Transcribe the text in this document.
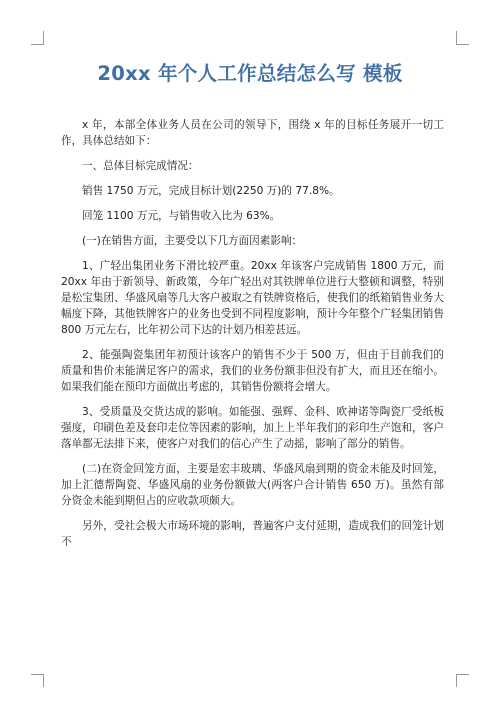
20xx 年个人工作总结怎么写 模板

x 年，本部全体业务人员在公司的领导下，围绕 x 年的目标任务展开一切工作，具体总结如下：

一、总体目标完成情况：

销售 1750 万元，完成目标计划(2250 万)的 77.8%。

回笼 1100 万元，与销售收入比为 63%。

(一)在销售方面，主要受以下几方面因素影响：

1、广轻出集团业务下滑比较严重。20xx 年该客户完成销售 1800 万元，而 20xx 年由于新领导、新政策，今年广轻出对其铁牌单位进行大整顿和调整，特别是松宝集团、华盛风扇等几大客户被取之有铁牌资格后，使我们的纸箱销售业务大幅度下降，其他铁牌客户的业务也受到不同程度影响，预计今年整个广轻集团销售 800 万元左右，比年初公司下达的计划乃相差甚远。

2、能强陶瓷集团年初预计该客户的销售不少于 500 万，但由于目前我们的质量和售价未能满足客户的需求，我们的业务份额非但没有扩大，而且还在缩小。如果我们能在预印方面做出考虑的，其销售份额将会增大。

3、受质量及交货达成的影响。如能强、强辉、金科、欧神诺等陶瓷厂受纸板强度，印刷色差及套印走位等因素的影响，加上上半年我们的彩印生产饱和，客户落单都无法排下来，使客户对我们的信心产生了动摇，影响了部分的销售。

(二)在资金回笼方面，主要是宏丰玻璃、华盛风扇到期的资金未能及时回笼，加上汇德帮陶瓷、华盛风扇的业务份额做大(两客户合计销售 650 万)。虽然有部分资金未能到期但占的应收款项颇大。

另外，受社会极大市场环境的影响，普遍客户支付延期，造成我们的回笼计划不
